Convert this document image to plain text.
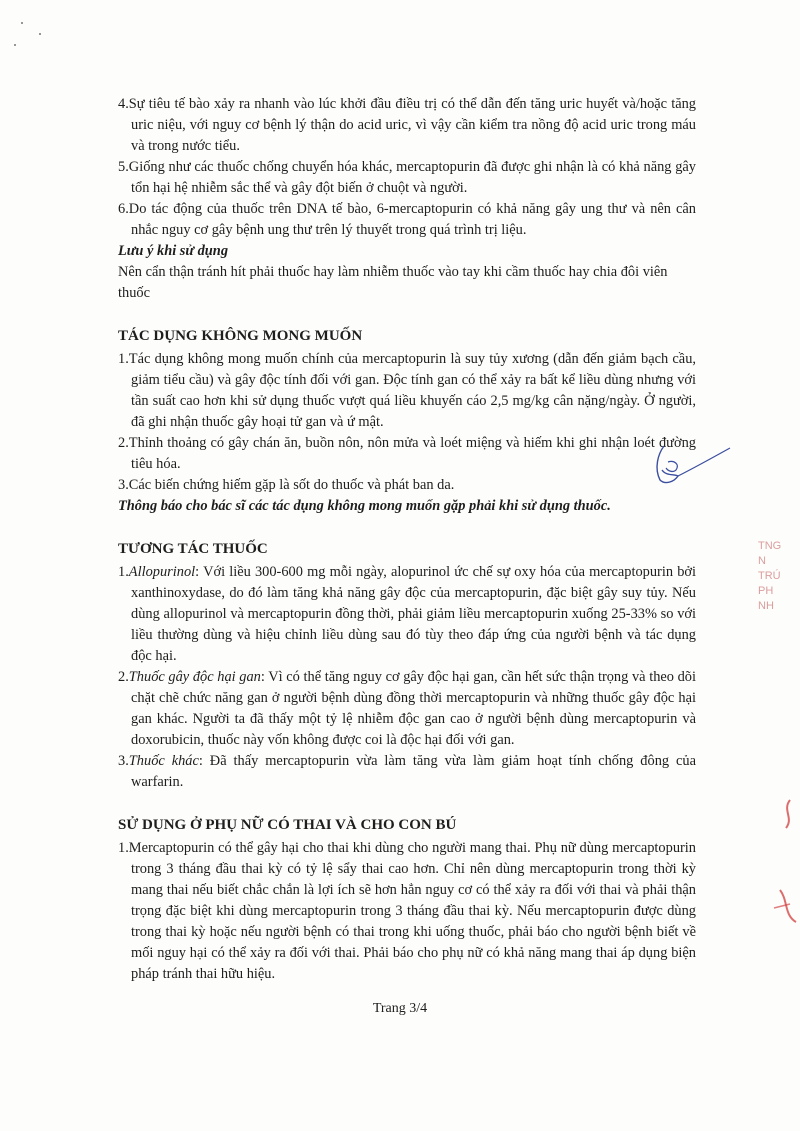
4.Sự tiêu tế bào xảy ra nhanh vào lúc khởi đầu điều trị có thể dẫn đến tăng uric huyết và/hoặc tăng uric niệu, với nguy cơ bệnh lý thận do acid uric, vì vậy cần kiểm tra nồng độ acid uric trong máu và trong nước tiểu.

5.Giống như các thuốc chống chuyển hóa khác, mercaptopurin đã được ghi nhận là có khả năng gây tổn hại hệ nhiễm sắc thể và gây đột biến ở chuột và người.

6.Do tác động của thuốc trên DNA tế bào, 6-mercaptopurin có khả năng gây ung thư và nên cân nhắc nguy cơ gây bệnh ung thư trên lý thuyết trong quá trình trị liệu.

Lưu ý khi sử dụng

Nên cẩn thận tránh hít phải thuốc hay làm nhiễm thuốc vào tay khi cầm thuốc hay chia đôi viên thuốc

TÁC DỤNG KHÔNG MONG MUỐN

1.Tác dụng không mong muốn chính của mercaptopurin là suy tủy xương (dẫn đến giảm bạch cầu, giảm tiểu cầu) và gây độc tính đối với gan. Độc tính gan có thể xảy ra bất kể liều dùng nhưng với tần suất cao hơn khi sử dụng thuốc vượt quá liều khuyến cáo 2,5 mg/kg cân nặng/ngày. Ở người, đã ghi nhận thuốc gây hoại tử gan và ứ mật.

2.Thỉnh thoảng có gây chán ăn, buồn nôn, nôn mửa và loét miệng và hiếm khi ghi nhận loét đường tiêu hóa.

3.Các biến chứng hiếm gặp là sốt do thuốc và phát ban da.

Thông báo cho bác sĩ các tác dụng không mong muốn gặp phải khi sử dụng thuốc.

TƯƠNG TÁC THUỐC

1.Allopurinol: Với liều 300-600 mg mỗi ngày, alopurinol ức chế sự oxy hóa của mercaptopurin bởi xanthinoxydase, do đó làm tăng khả năng gây độc của mercaptopurin, đặc biệt gây suy tủy. Nếu dùng allopurinol và mercaptopurin đồng thời, phải giảm liều mercaptopurin xuống 25-33% so với liều thường dùng và hiệu chỉnh liều dùng sau đó tùy theo đáp ứng của người bệnh và tác dụng độc hại.

2.Thuốc gây độc hại gan: Vì có thể tăng nguy cơ gây độc hại gan, cần hết sức thận trọng và theo dõi chặt chẽ chức năng gan ở người bệnh dùng đồng thời mercaptopurin và những thuốc gây độc hại gan khác. Người ta đã thấy một tỷ lệ nhiễm độc gan cao ở người bệnh dùng mercaptopurin và doxorubicin, thuốc này vốn không được coi là độc hại đối với gan.

3.Thuốc khác: Đã thấy mercaptopurin vừa làm tăng vừa làm giảm hoạt tính chống đông của warfarin.

SỬ DỤNG Ở PHỤ NỮ CÓ THAI VÀ CHO CON BÚ

1.Mercaptopurin có thể gây hại cho thai khi dùng cho người mang thai. Phụ nữ dùng mercaptopurin trong 3 tháng đầu thai kỳ có tỷ lệ sẩy thai cao hơn. Chỉ nên dùng mercaptopurin trong thời kỳ mang thai nếu biết chắc chắn là lợi ích sẽ hơn hẳn nguy cơ có thể xảy ra đối với thai và phải thận trọng đặc biệt khi dùng mercaptopurin trong 3 tháng đầu thai kỳ. Nếu mercaptopurin được dùng trong thai kỳ hoặc nếu người bệnh có thai trong khi uống thuốc, phải báo cho người bệnh biết về mối nguy hại có thể xảy ra đối với thai. Phải báo cho phụ nữ có khả năng mang thai áp dụng biện pháp tránh thai hữu hiệu.

Trang 3/4
TNG
N
TRÚ
PH
NH
